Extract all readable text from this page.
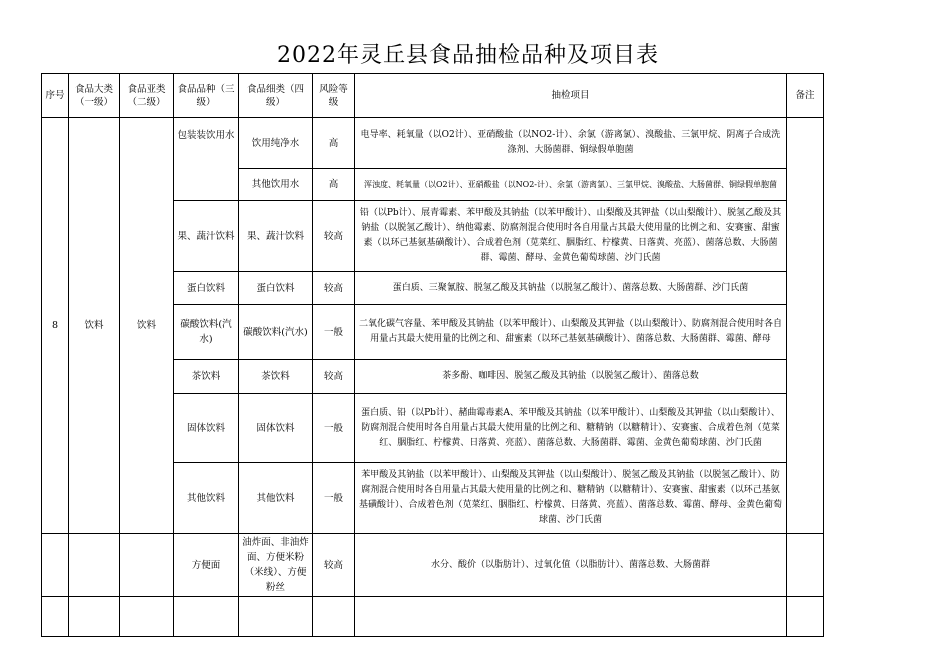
2022年灵丘县食品抽检品种及项目表
序号	食品大类（一级）	食品亚类（二级）	食品品种（三级）	食品细类（四级）	风险等级	抽检项目	备注
8	饮料	饮料	包装装饮用水	饮用纯净水	高	电导率、耗氧量（以O2计）、亚硝酸盐（以NO2-计）、余氯（游离氯）、溴酸盐、三氯甲烷、阴离子合成洗涤剂、大肠菌群、铜绿假单胞菌	
				其他饮用水	高	浑浊度、耗氧量（以O2计）、亚硝酸盐（以NO2-计）、余氯（游离氯）、三氯甲烷、溴酸盐、大肠菌群、铜绿假单胞菌	
			果、蔬汁饮料	果、蔬汁饮料	较高	铅（以Pb计）、展青霉素、苯甲酸及其钠盐（以苯甲酸计）、山梨酸及其钾盐（以山梨酸计）、脱氢乙酸及其钠盐（以脱氢乙酸计）、纳他霉素、防腐剂混合使用时各自用量占其最大使用量的比例之和、安赛蜜、甜蜜素（以环己基氨基磺酸计）、合成着色剂（苋菜红、胭脂红、柠檬黄、日落黄、亮蓝）、菌落总数、大肠菌群、霉菌、酵母、金黄色葡萄球菌、沙门氏菌	
			蛋白饮料	蛋白饮料	较高	蛋白质、三聚氰胺、脱氢乙酸及其钠盐（以脱氢乙酸计）、菌落总数、大肠菌群、沙门氏菌	
			碳酸饮料(汽水)	碳酸饮料(汽水)	一般	二氧化碳气容量、苯甲酸及其钠盐（以苯甲酸计）、山梨酸及其钾盐（以山梨酸计）、防腐剂混合使用时各自用量占其最大使用量的比例之和、甜蜜素（以环己基氨基磺酸计）、菌落总数、大肠菌群、霉菌、酵母	
			茶饮料	茶饮料	较高	茶多酚、咖啡因、脱氢乙酸及其钠盐（以脱氢乙酸计）、菌落总数	
			固体饮料	固体饮料	一般	蛋白质、铅（以Pb计）、赭曲霉毒素A、苯甲酸及其钠盐（以苯甲酸计）、山梨酸及其钾盐（以山梨酸计）、防腐剂混合使用时各自用量占其最大使用量的比例之和、糖精钠（以糖精计）、安赛蜜、合成着色剂（苋菜红、胭脂红、柠檬黄、日落黄、亮蓝）、菌落总数、大肠菌群、霉菌、金黄色葡萄球菌、沙门氏菌	
			其他饮料	其他饮料	一般	苯甲酸及其钠盐（以苯甲酸计）、山梨酸及其钾盐（以山梨酸计）、脱氢乙酸及其钠盐（以脱氢乙酸计）、防腐剂混合使用时各自用量占其最大使用量的比例之和、糖精钠（以糖精计）、安赛蜜、甜蜜素（以环己基氨基磺酸计）、合成着色剂（苋菜红、胭脂红、柠檬黄、日落黄、亮蓝）、菌落总数、霉菌、酵母、金黄色葡萄球菌、沙门氏菌	
			方便面	油炸面、非油炸面、方便米粉（米线）、方便粉丝	较高	水分、酸价（以脂肪计）、过氧化值（以脂肪计）、菌落总数、大肠菌群	
